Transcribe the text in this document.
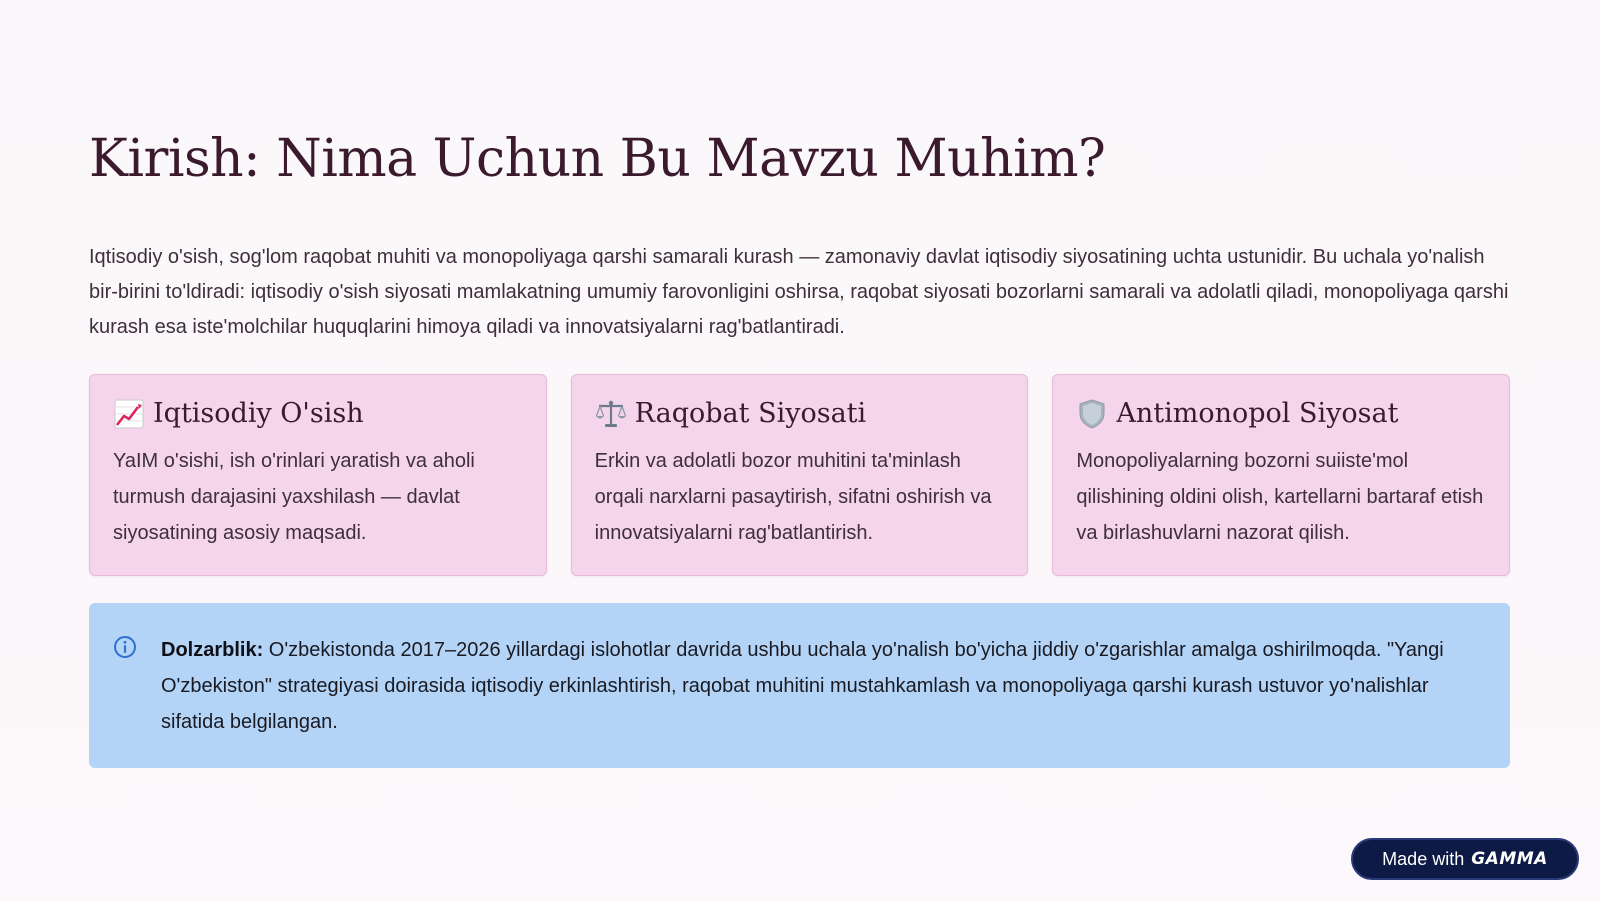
Kirish: Nima Uchun Bu Mavzu Muhim?

Iqtisodiy o'sish, sog'lom raqobat muhiti va monopoliyaga qarshi samarali kurash — zamonaviy davlat iqtisodiy siyosatining uchta ustunidir. Bu uchala yo'nalish bir-birini to'ldiradi: iqtisodiy o'sish siyosati mamlakatning umumiy farovonligini oshirsa, raqobat siyosati bozorlarni samarali va adolatli qiladi, monopoliyaga qarshi kurash esa iste'molchilar huquqlarini himoya qiladi va innovatsiyalarni rag'batlantiradi.

Iqtisodiy O'sish

YaIM o'sishi, ish o'rinlari yaratish va aholi turmush darajasini yaxshilash — davlat siyosatining asosiy maqsadi.

Raqobat Siyosati

Erkin va adolatli bozor muhitini ta'minlash orqali narxlarni pasaytirish, sifatni oshirish va innovatsiyalarni rag'batlantirish.

Antimonopol Siyosat

Monopoliyalarning bozorni suiiste'mol qilishining oldini olish, kartellarni bartaraf etish va birlashuvlarni nazorat qilish.

Dolzarblik: O'zbekistonda 2017–2026 yillardagi islohotlar davrida ushbu uchala yo'nalish bo'yicha jiddiy o'zgarishlar amalga oshirilmoqda. "Yangi O'zbekiston" strategiyasi doirasida iqtisodiy erkinlashtirish, raqobat muhitini mustahkamlash va monopoliyaga qarshi kurash ustuvor yo'nalishlar sifatida belgilangan.

Made with GAMMA
